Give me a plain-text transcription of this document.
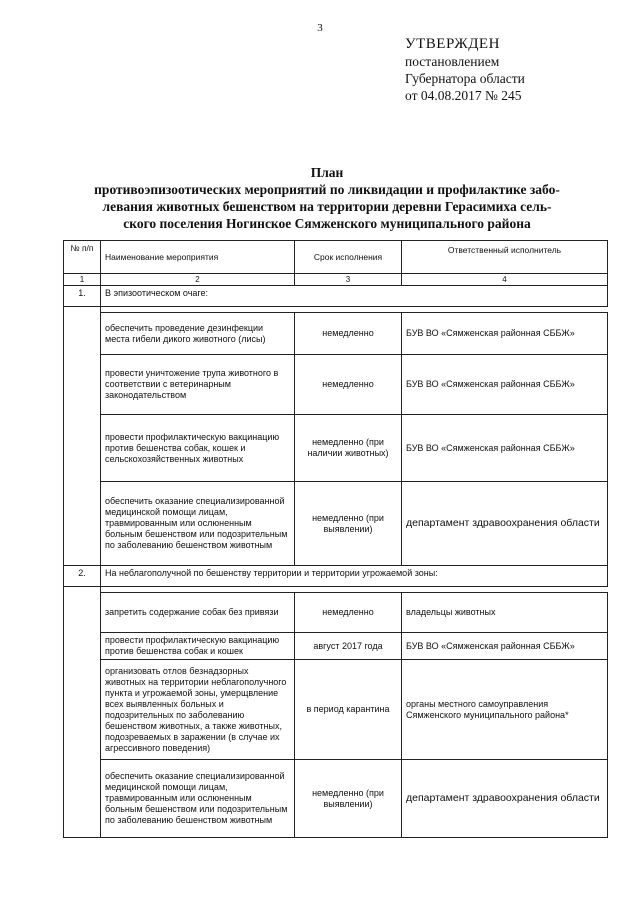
3
УТВЕРЖДЕН
постановлением
Губернатора области
от 04.08.2017 № 245
План
противоэпизоотических мероприятий по ликвидации и профилактике забо-
левания животных бешенством на территории деревни Герасимиха сель-
ского поселения Ногинское Сямженского муниципального района
№ п/п	Наименование мероприятия	Срок исполнения	Ответственный исполнитель
1	2	3	4
1.	В эпизоотическом очаге:		

	обеспечить проведение дезинфекции места гибели дикого животного (лисы)	немедленно	БУВ ВО «Сямженская районная СББЖ»
	провести уничтожение трупа животного в соответствии с ветеринарным законодательством	немедленно	БУВ ВО «Сямженская районная СББЖ»
	провести профилактическую вакцинацию против бешенства собак, кошек и сельскохозяйственных животных	немедленно (при наличии животных)	БУВ ВО «Сямженская районная СББЖ»
	обеспечить оказание специализированной медицинской помощи лицам, травмированным или ослюненным больным бешенством или подозрительным по заболеванию бешенством животным	немедленно (при выявлении)	департамент здравоохранения области
2.	На неблагополучной по бешенству территории и территории угрожаемой зоны:		

	запретить содержание собак без привязи	немедленно	владельцы животных
	провести профилактическую вакцинацию против бешенства собак и кошек	август 2017 года	БУВ ВО «Сямженская районная СББЖ»
	организовать отлов безнадзорных животных на территории неблагополучного пункта и угрожаемой зоны, умерщвление всех выявленных больных и подозрительных по заболеванию бешенством животных, а также животных, подозреваемых в заражении (в случае их агрессивного поведения)	в период карантина	органы местного самоуправления Сямженского муниципального района*
	обеспечить оказание специализированной медицинской помощи лицам, травмированным или ослюненным больным бешенством или подозрительным по заболеванию бешенством животным	немедленно (при выявлении)	департамент здравоохранения области
